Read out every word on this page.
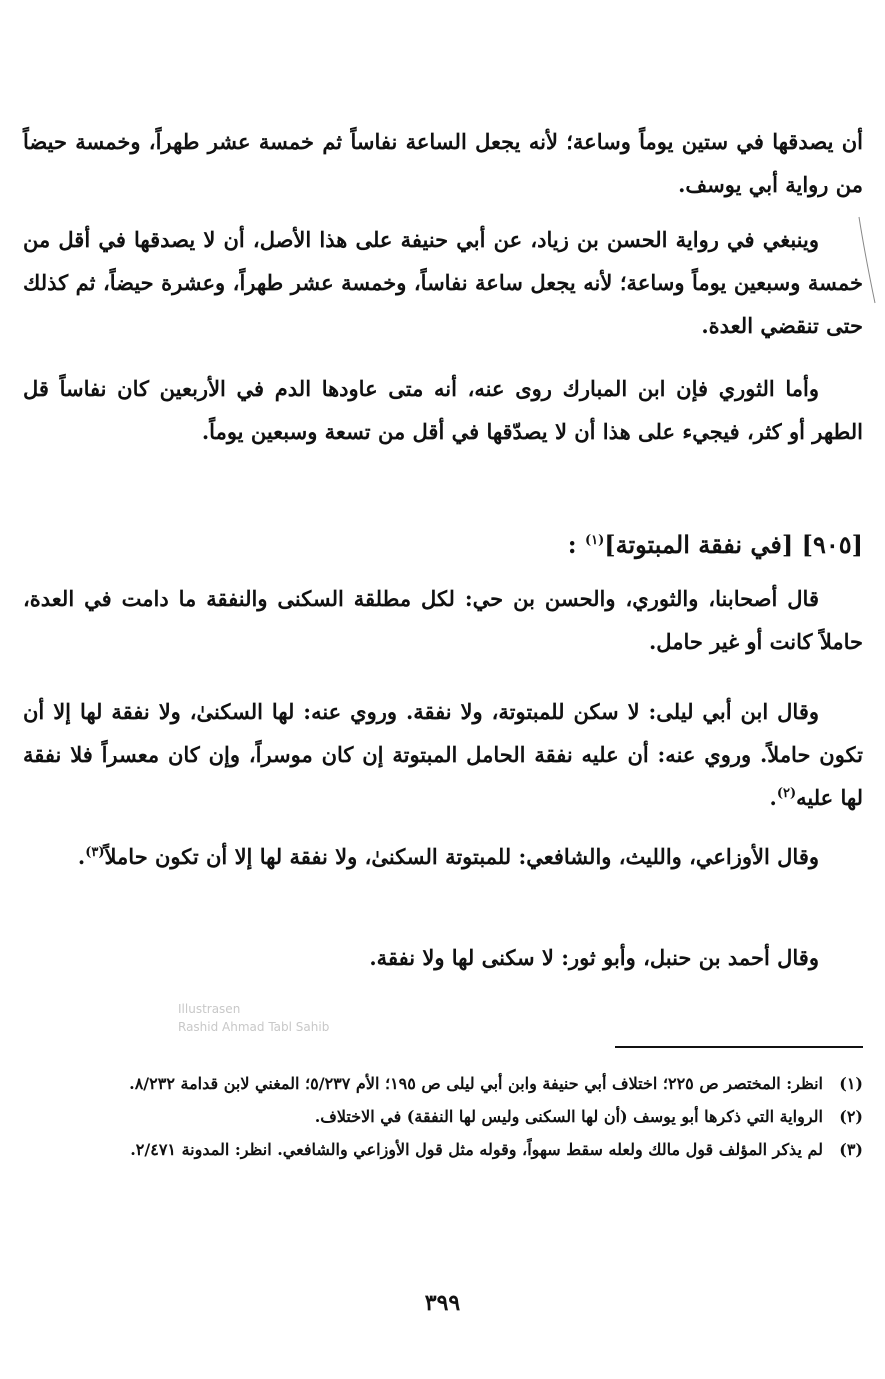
أن يصدقها في ستين يوماً وساعة؛ لأنه يجعل الساعة نفاساً ثم خمسة عشر طهراً، وخمسة حيضاً من رواية أبي يوسف.

وينبغي في رواية الحسن بن زياد، عن أبي حنيفة على هذا الأصل، أن لا يصدقها في أقل من خمسة وسبعين يوماً وساعة؛ لأنه يجعل ساعة نفاساً، وخمسة عشر طهراً، وعشرة حيضاً، ثم كذلك حتى تنقضي العدة.

وأما الثوري فإن ابن المبارك روى عنه، أنه متى عاودها الدم في الأربعين كان نفاساً قل الطهر أو كثر، فيجيء على هذا أن لا يصدّقها في أقل من تسعة وسبعين يوماً.

[٩٠٥] [في نفقة المبتوتة]$^{(١)}$ :

قال أصحابنا، والثوري، والحسن بن حي: لكل مطلقة السكنى والنفقة ما دامت في العدة، حاملاً كانت أو غير حامل.

وقال ابن أبي ليلى: لا سكن للمبتوتة، ولا نفقة. وروي عنه: لها السكنىٰ، ولا نفقة لها إلا أن تكون حاملاً. وروي عنه: أن عليه نفقة الحامل المبتوتة إن كان موسراً، وإن كان معسراً فلا نفقة لها عليه$^{(٢)}$.

وقال الأوزاعي، والليث، والشافعي: للمبتوتة السكنىٰ، ولا نفقة لها إلا أن تكون حاملاً$^{(٣)}$.

وقال أحمد بن حنبل، وأبو ثور: لا سكنى لها ولا نفقة.

Illustrasen
Rashid Ahmad Tabl Sahib
(١)
انظر: المختصر ص ٢٢٥؛ اختلاف أبي حنيفة وابن أبي ليلى ص ١٩٥؛ الأم ٥/٢٣٧؛ المغني لابن قدامة ٨/٢٣٢.
(٢)
الرواية التي ذكرها أبو يوسف (أن لها السكنى وليس لها النفقة) في الاختلاف.
(٣)
لم يذكر المؤلف قول مالك ولعله سقط سهواً، وقوله مثل قول الأوزاعي والشافعي. انظر: المدونة ٢/٤٧١.
٣٩٩
